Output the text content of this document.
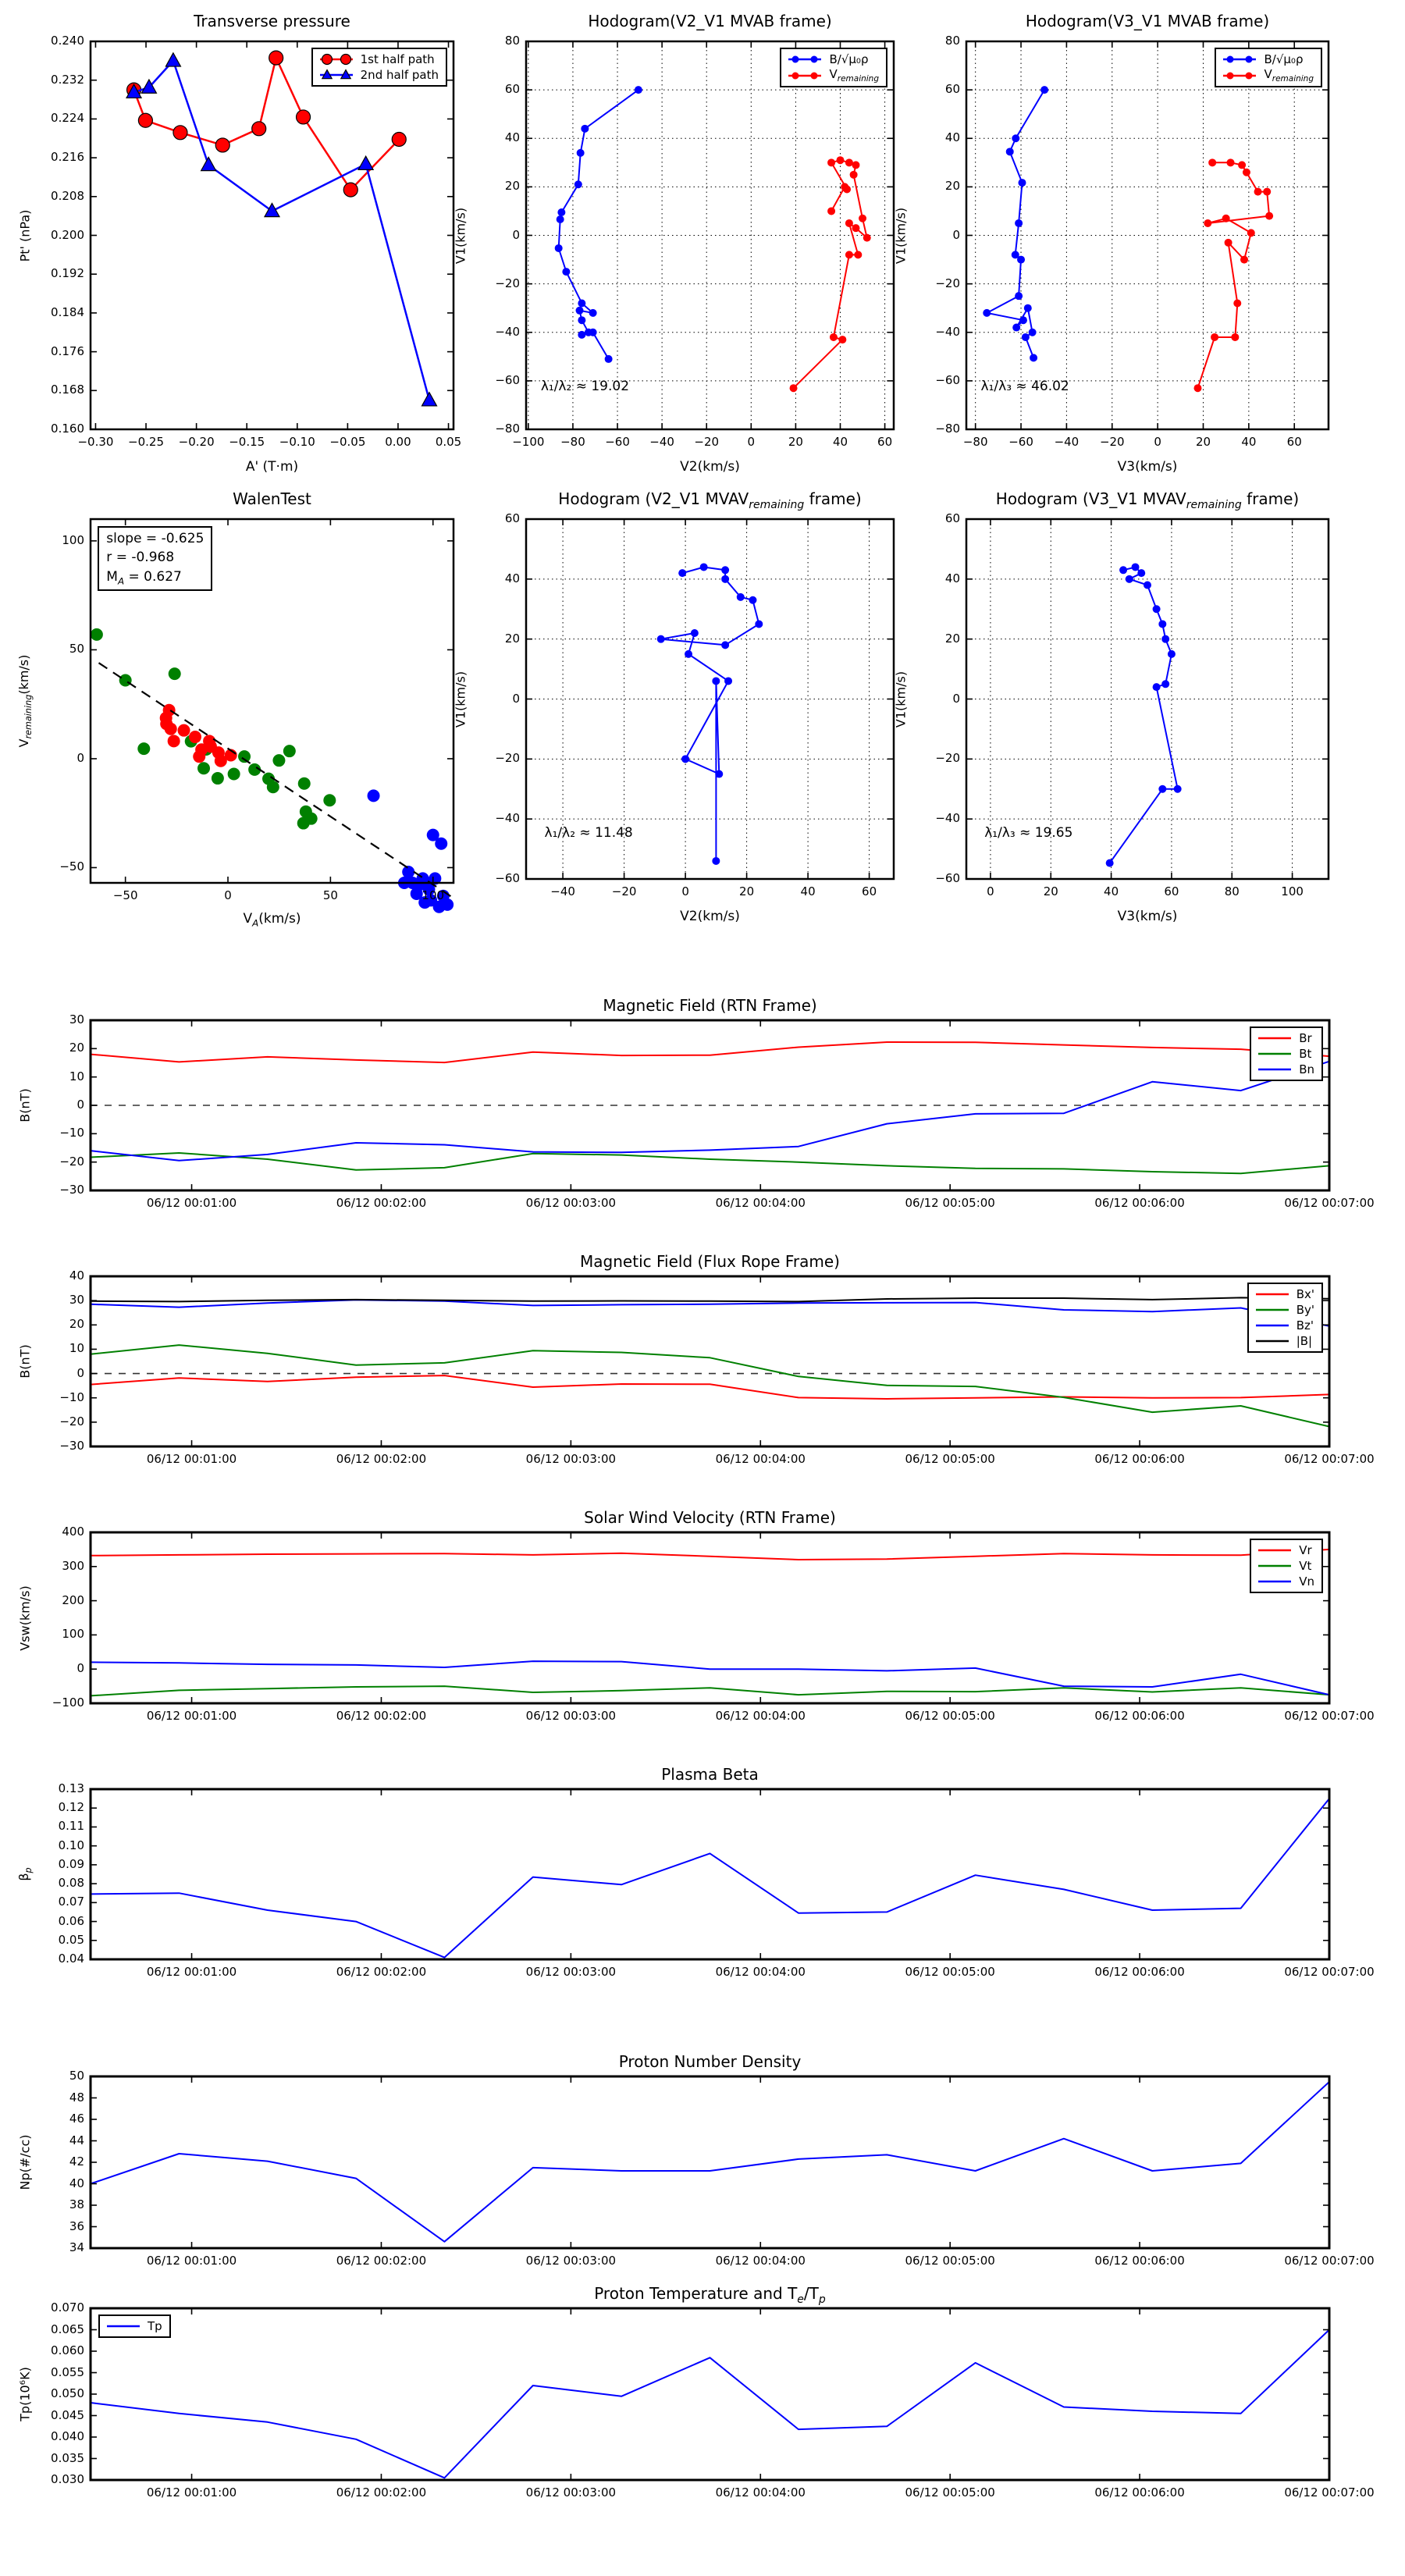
Transverse pressure
A' (T·m)
Pt' (nPa)
−0.30 −0.25 −0.20 −0.15 −0.10 −0.05 0.00 0.05
0.160
0.168
0.176
0.184
0.192
0.200
0.208
0.216
0.224
0.232
0.240
1st half path
2nd half path
Hodogram(V2_V1 MVAB frame)
V2(km/s)
V1(km/s)
−100 −80 −60 −40 −20 0	20	40	60
−80
−60
−40
−20
0
20
40
60
80
B/√μ₀ρ
$V_{remaining}$
λ₁/λ₂ ≈ 19.02
Hodogram(V3_V1 MVAB frame)
V3(km/s)
V1(km/s)
−80 −60 −40 −20	0	20	40	60
−80
−60
−40
−20
0
20
40
60
80
B/√μ₀ρ
$V_{remaining}$
λ₁/λ₃ ≈ 46.02
WalenTest
$V_A(km/s)$
$V_{remaining}(km/s)$
−50	0	50	100
−50
0
50
100	slope = -0.625
r = -0.968
$M_A = 0.627$
Hodogram (V2_V1 $MVAV_{remaining}$ frame)
V2(km/s)
V1(km/s)
−40	−20	0	20	40	60
−60
−40
−20
0
20
40
60
λ₁/λ₂ ≈ 11.48
Hodogram (V3_V1 $MVAV_{remaining}$ frame)
V3(km/s)
V1(km/s)
0	20	40	60	80	100
−60
−40
−20
0
20
40
60
λ₁/λ₃ ≈ 19.65
Magnetic Field (RTN Frame)
B(nT)
06/12 00:01:00	06/12 00:02:00	06/12 00:03:00	06/12 00:04:00	06/12 00:05:00	06/12 00:06:00	06/12 00:07:00
−30
−20
−10
0
10
20
30
Br
Bt
Bn
Magnetic Field (Flux Rope Frame)
B(nT)
06/12 00:01:00	06/12 00:02:00	06/12 00:03:00	06/12 00:04:00	06/12 00:05:00	06/12 00:06:00	06/12 00:07:00
−30
−20
−10
0
10
20
30
40
Bx'
By'
Bz'
|B|
Solar Wind Velocity (RTN Frame)
Vsw(km/s)
06/12 00:01:00	06/12 00:02:00	06/12 00:03:00	06/12 00:04:00	06/12 00:05:00	06/12 00:06:00	06/12 00:07:00
−100
0
100
200
300
400
Vr
Vt
Vn
Plasma Beta
$\beta_p$
06/12 00:01:00	06/12 00:02:00	06/12 00:03:00	06/12 00:04:00	06/12 00:05:00	06/12 00:06:00	06/12 00:07:00
0.04
0.05
0.06
0.07
0.08
0.09
0.10
0.11
0.12
0.13
Proton Number Density
Np(#/cc)
06/12 00:01:00	06/12 00:02:00	06/12 00:03:00	06/12 00:04:00	06/12 00:05:00	06/12 00:06:00	06/12 00:07:00
34
36
38
40
42
44
46
48
50
Proton Temperature and $T_e/T_p$
Tp(10⁶K)
06/12 00:01:00	06/12 00:02:00	06/12 00:03:00	06/12 00:04:00	06/12 00:05:00	06/12 00:06:00	06/12 00:07:00
0.030
0.035
0.040
0.045
0.050
0.055
0.060
0.065
0.070
Tp
